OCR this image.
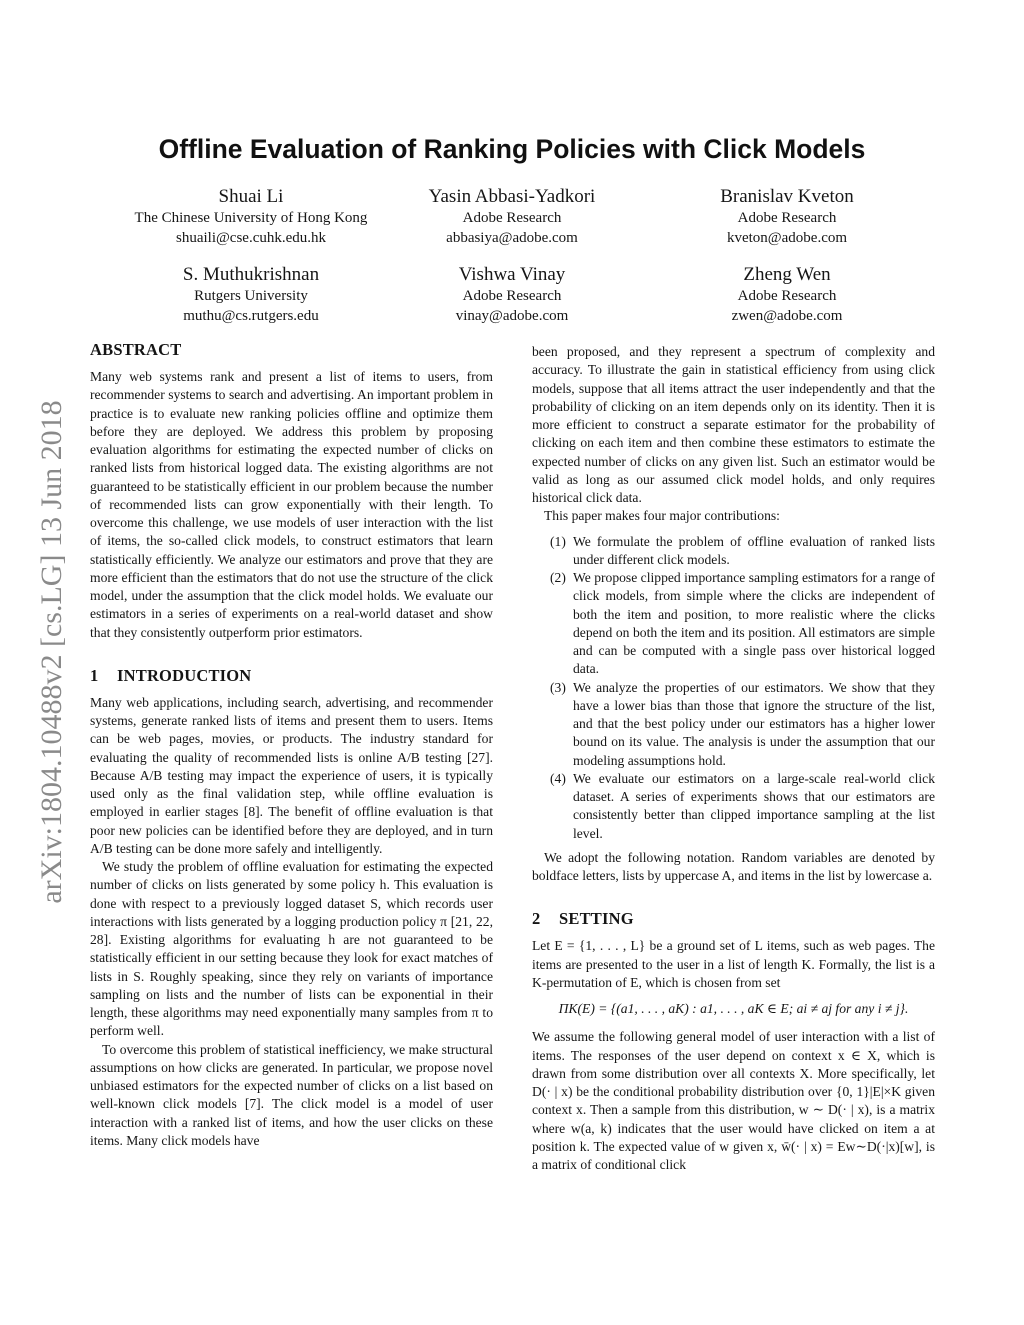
Offline Evaluation of Ranking Policies with Click Models
Shuai Li
The Chinese University of Hong Kong
shuaili@cse.cuhk.edu.hk
Yasin Abbasi-Yadkori
Adobe Research
abbasiya@adobe.com
Branislav Kveton
Adobe Research
kveton@adobe.com
S. Muthukrishnan
Rutgers University
muthu@cs.rutgers.edu
Vishwa Vinay
Adobe Research
vinay@adobe.com
Zheng Wen
Adobe Research
zwen@adobe.com
arXiv:1804.10488v2 [cs.LG] 13 Jun 2018
ABSTRACT

Many web systems rank and present a list of items to users, from recommender systems to search and advertising. An important problem in practice is to evaluate new ranking policies offline and optimize them before they are deployed. We address this problem by proposing evaluation algorithms for estimating the expected number of clicks on ranked lists from historical logged data. The existing algorithms are not guaranteed to be statistically efficient in our problem because the number of recommended lists can grow exponentially with their length. To overcome this challenge, we use models of user interaction with the list of items, the so-called click models, to construct estimators that learn statistically efficiently. We analyze our estimators and prove that they are more efficient than the estimators that do not use the structure of the click model, under the assumption that the click model holds. We evaluate our estimators in a series of experiments on a real-world dataset and show that they consistently outperform prior estimators.

1 INTRODUCTION

Many web applications, including search, advertising, and recommender systems, generate ranked lists of items and present them to users. Items can be web pages, movies, or products. The industry standard for evaluating the quality of recommended lists is online A/B testing [27]. Because A/B testing may impact the experience of users, it is typically used only as the final validation step, while offline evaluation is employed in earlier stages [8]. The benefit of offline evaluation is that poor new policies can be identified before they are deployed, and in turn A/B testing can be done more safely and intelligently.

We study the problem of offline evaluation for estimating the expected number of clicks on lists generated by some policy h. This evaluation is done with respect to a previously logged dataset S, which records user interactions with lists generated by a logging production policy π [21, 22, 28]. Existing algorithms for evaluating h are not guaranteed to be statistically efficient in our setting because they look for exact matches of lists in S. Roughly speaking, since they rely on variants of importance sampling on lists and the number of lists can be exponential in their length, these algorithms may need exponentially many samples from π to perform well.

To overcome this problem of statistical inefficiency, we make structural assumptions on how clicks are generated. In particular, we propose novel unbiased estimators for the expected number of clicks on a list based on well-known click models [7]. The click model is a model of user interaction with a ranked list of items, and how the user clicks on these items. Many click models have

been proposed, and they represent a spectrum of complexity and accuracy. To illustrate the gain in statistical efficiency from using click models, suppose that all items attract the user independently and that the probability of clicking on an item depends only on its identity. Then it is more efficient to construct a separate estimator for the probability of clicking on each item and then combine these estimators to estimate the expected number of clicks on any given list. Such an estimator would be valid as long as our assumed click model holds, and only requires historical click data.

This paper makes four major contributions:

(1) We formulate the problem of offline evaluation of ranked lists under different click models.
(2) We propose clipped importance sampling estimators for a range of click models, from simple where the clicks are independent of both the item and position, to more realistic where the clicks depend on both the item and its position. All estimators are simple and can be computed with a single pass over historical logged data.
(3) We analyze the properties of our estimators. We show that they have a lower bias than those that ignore the structure of the list, and that the best policy under our estimators has a higher lower bound on its value. The analysis is under the assumption that our modeling assumptions hold.
(4) We evaluate our estimators on a large-scale real-world click dataset. A series of experiments shows that our estimators are consistently better than clipped importance sampling at the list level.

We adopt the following notation. Random variables are denoted by boldface letters, lists by uppercase A, and items in the list by lowercase a.

2 SETTING

Let E = {1, . . . , L} be a ground set of L items, such as web pages. The items are presented to the user in a list of length K. Formally, the list is a K-permutation of E, which is chosen from set

ΠK(E) = {(a1, . . . , aK) : a1, . . . , aK ∈ E; ai ≠ aj for any i ≠ j}.

We assume the following general model of user interaction with a list of items. The responses of the user depend on context x ∈ X, which is drawn from some distribution over all contexts X. More specifically, let D(· | x) be the conditional probability distribution over {0, 1}|E|×K given context x. Then a sample from this distribution, w ∼ D(· | x), is a matrix where w(a, k) indicates that the user would have clicked on item a at position k. The expected value of w given x, w̄(· | x) = Ew∼D(·|x)[w], is a matrix of conditional click
